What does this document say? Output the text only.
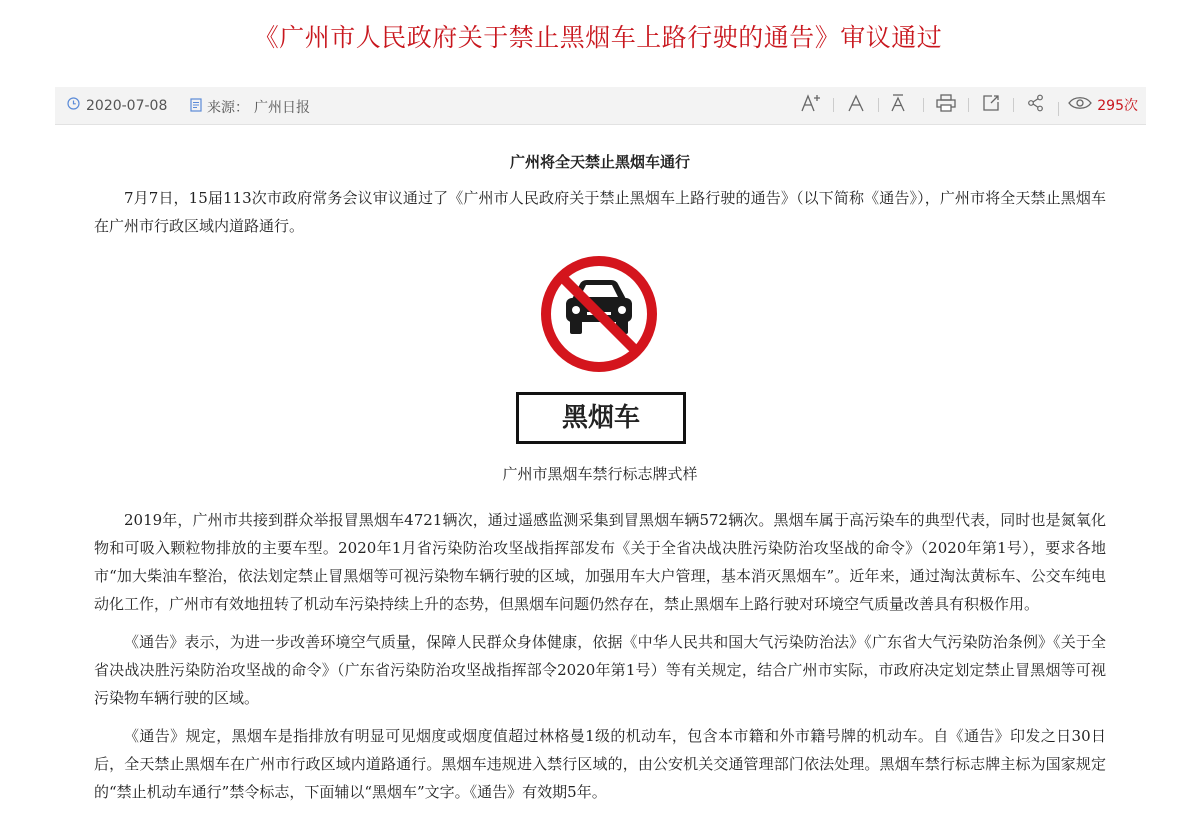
《广州市人民政府关于禁止黑烟车上路行驶的通告》审议通过
2020-07-08	来源： 广州日报	295次
广州将全天禁止黑烟车通行

7月7日，15届113次市政府常务会议审议通过了《广州市人民政府关于禁止黑烟车上路行驶的通告》（以下简称《通告》），广州市将全天禁止黑烟车在广州市行政区域内道路通行。

黑烟车
广州市黑烟车禁行标志牌式样

2019年，广州市共接到群众举报冒黑烟车4721辆次，通过遥感监测采集到冒黑烟车辆572辆次。黑烟车属于高污染车的典型代表，同时也是氮氧化物和可吸入颗粒物排放的主要车型。2020年1月省污染防治攻坚战指挥部发布《关于全省决战决胜污染防治攻坚战的命令》（2020年第1号），要求各地市“加大柴油车整治，依法划定禁止冒黑烟等可视污染物车辆行驶的区域，加强用车大户管理，基本消灭黑烟车”。近年来，通过淘汰黄标车、公交车纯电动化工作，广州市有效地扭转了机动车污染持续上升的态势，但黑烟车问题仍然存在，禁止黑烟车上路行驶对环境空气质量改善具有积极作用。

《通告》表示，为进一步改善环境空气质量，保障人民群众身体健康，依据《中华人民共和国大气污染防治法》《广东省大气污染防治条例》《关于全省决战决胜污染防治攻坚战的命令》（广东省污染防治攻坚战指挥部令2020年第1号）等有关规定，结合广州市实际，市政府决定划定禁止冒黑烟等可视污染物车辆行驶的区域。

《通告》规定，黑烟车是指排放有明显可见烟度或烟度值超过林格曼1级的机动车，包含本市籍和外市籍号牌的机动车。自《通告》印发之日30日后，全天禁止黑烟车在广州市行政区域内道路通行。黑烟车违规进入禁行区域的，由公安机关交通管理部门依法处理。黑烟车禁行标志牌主标为国家规定的“禁止机动车通行”禁令标志，下面辅以“黑烟车”文字。《通告》有效期5年。
